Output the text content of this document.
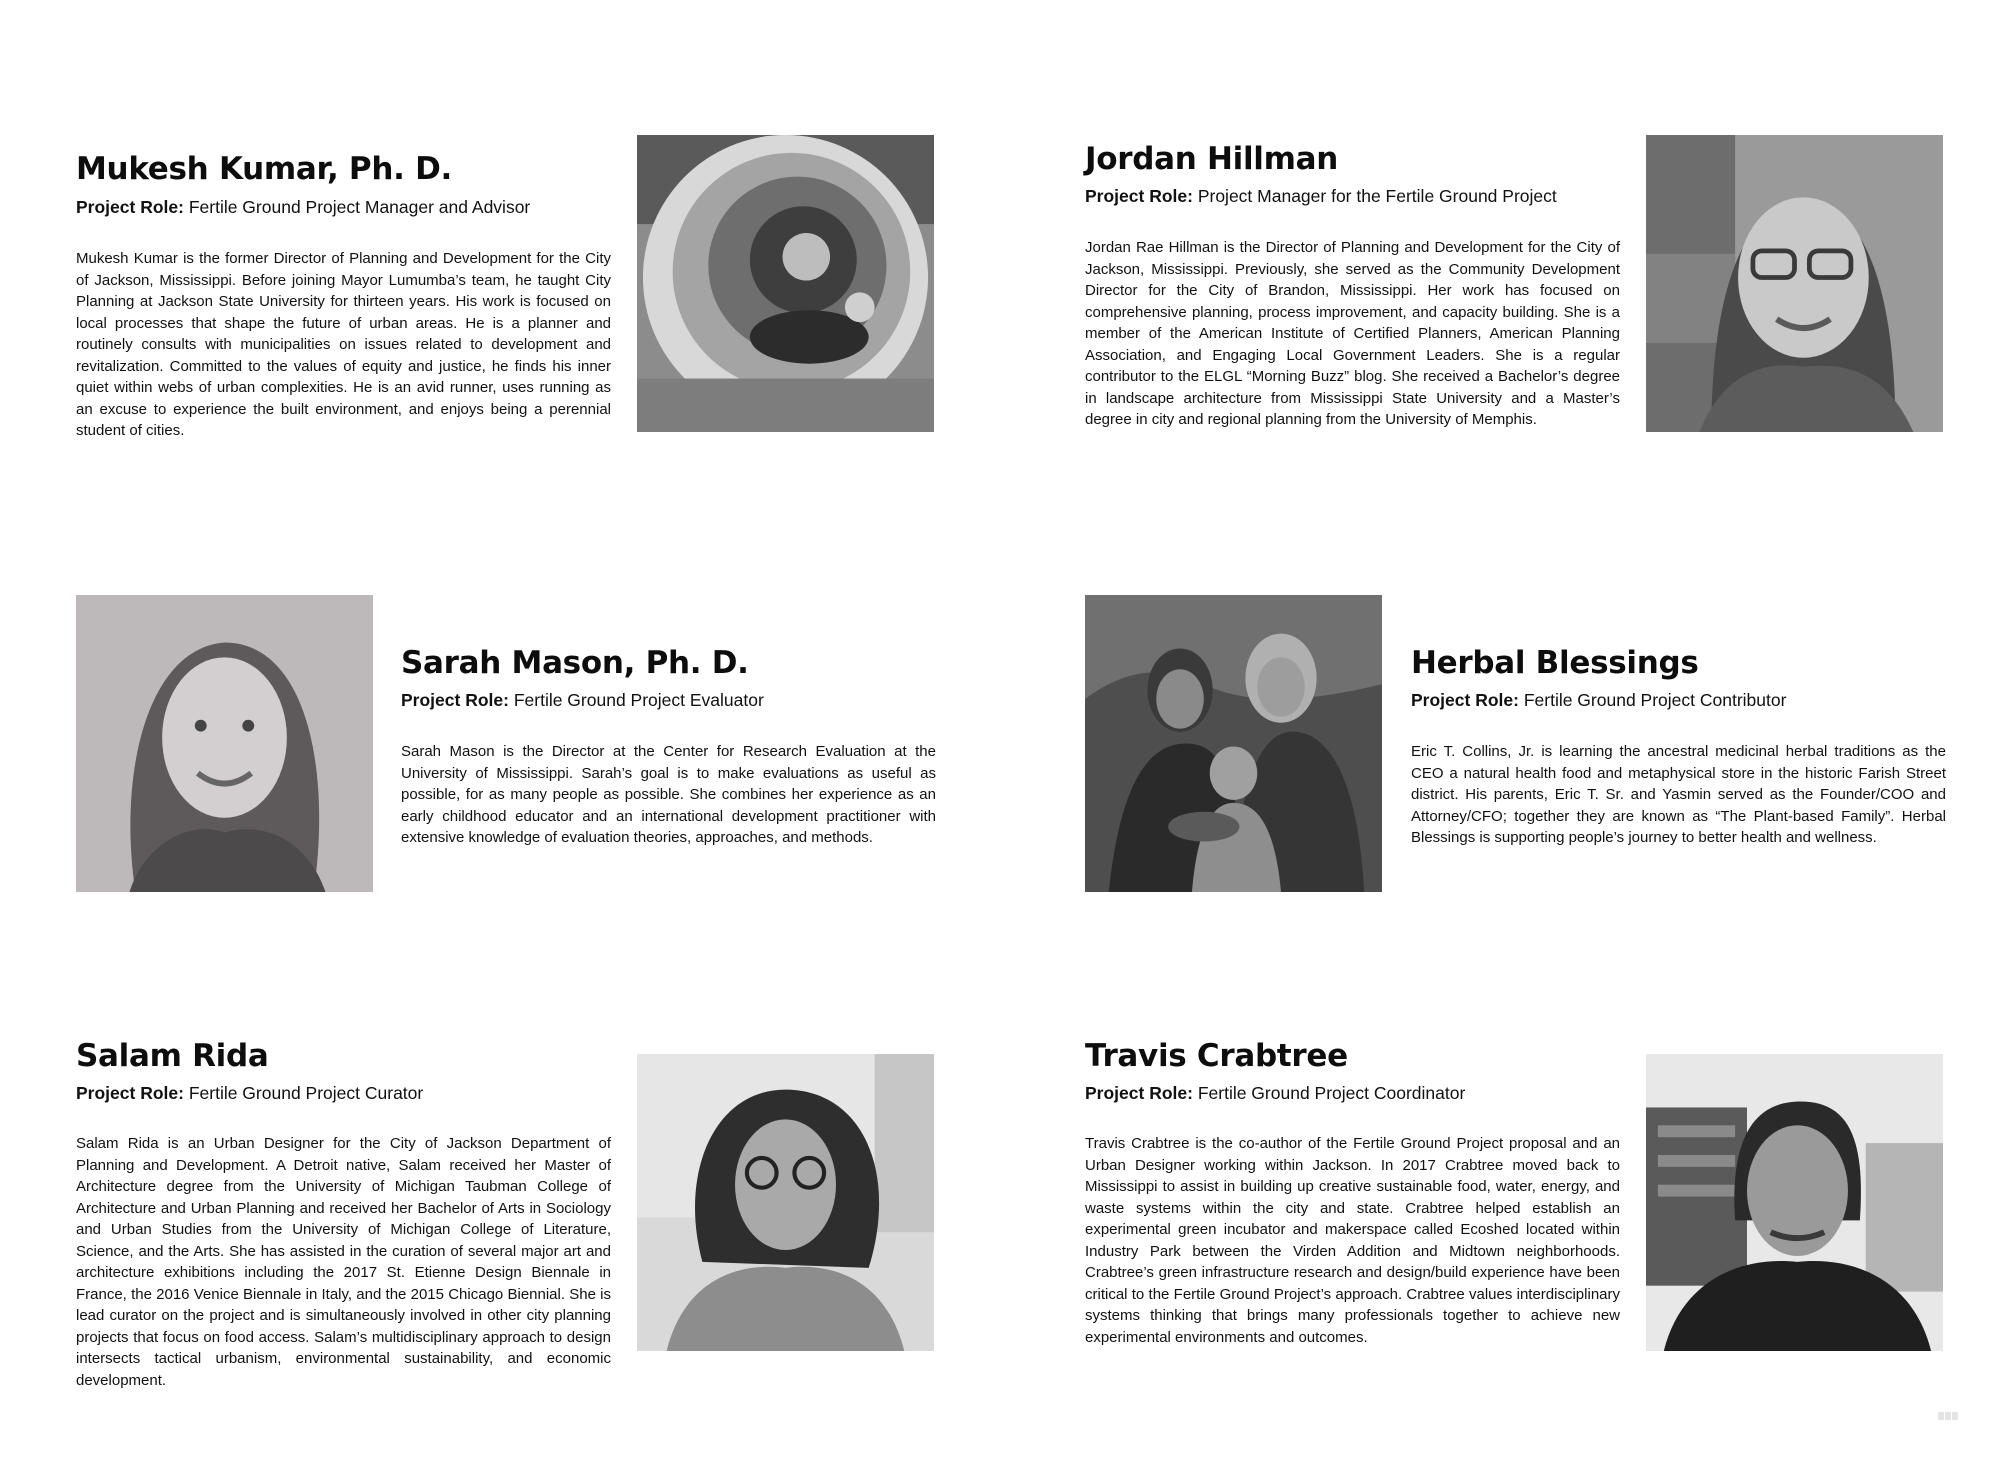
Mukesh Kumar, Ph. D.

Project Role: Fertile Ground Project Manager and Advisor

Mukesh Kumar is the former Director of Planning and Development for the City of Jackson, Mississippi. Before joining Mayor Lumumba’s team, he taught City Planning at Jackson State University for thirteen years. His work is focused on local processes that shape the future of urban areas. He is a planner and routinely consults with municipalities on issues related to development and revitalization. Committed to the values of equity and justice, he finds his inner quiet within webs of urban complexities. He is an avid runner, uses running as an excuse to experience the built environment, and enjoys being a perennial student of cities.

Jordan Hillman

Project Role: Project Manager for the Fertile Ground Project

Jordan Rae Hillman is the Director of Planning and Development for the City of Jackson, Mississippi. Previously, she served as the Community Development Director for the City of Brandon, Mississippi. Her work has focused on comprehensive planning, process improvement, and capacity building. She is a member of the American Institute of Certified Planners, American Planning Association, and Engaging Local Government Leaders. She is a regular contributor to the ELGL “Morning Buzz” blog. She received a Bachelor’s degree in landscape architecture from Mississippi State University and a Master’s degree in city and regional planning from the University of Memphis.

Sarah Mason, Ph. D.

Project Role: Fertile Ground Project Evaluator

Sarah Mason is the Director at the Center for Research Evaluation at the University of Mississippi. Sarah’s goal is to make evaluations as useful as possible, for as many people as possible. She combines her experience as an early childhood educator and an international development practitioner with extensive knowledge of evaluation theories, approaches, and methods.

Herbal Blessings

Project Role: Fertile Ground Project Contributor

Eric T. Collins, Jr. is learning the ancestral medicinal herbal traditions as the CEO a natural health food and metaphysical store in the historic Farish Street district. His parents, Eric T. Sr. and Yasmin served as the Founder/COO and Attorney/CFO; together they are known as “The Plant-based Family”. Herbal Blessings is supporting people’s journey to better health and wellness.

Salam Rida

Project Role: Fertile Ground Project Curator

Salam Rida is an Urban Designer for the City of Jackson Department of Planning and Development. A Detroit native, Salam received her Master of Architecture degree from the University of Michigan Taubman College of Architecture and Urban Planning and received her Bachelor of Arts in Sociology and Urban Studies from the University of Michigan College of Literature, Science, and the Arts. She has assisted in the curation of several major art and architecture exhibitions including the 2017 St. Etienne Design Biennale in France, the 2016 Venice Biennale in Italy, and the 2015 Chicago Biennial. She is lead curator on the project and is simultaneously involved in other city planning projects that focus on food access. Salam’s multidisciplinary approach to design intersects tactical urbanism, environmental sustainability, and economic development.

Travis Crabtree

Project Role: Fertile Ground Project Coordinator

Travis Crabtree is the co-author of the Fertile Ground Project proposal and an Urban Designer working within Jackson. In 2017 Crabtree moved back to Mississippi to assist in building up creative sustainable food, water, energy, and waste systems within the city and state. Crabtree helped establish an experimental green incubator and makerspace called Ecoshed located within Industry Park between the Virden Addition and Midtown neighborhoods. Crabtree’s green infrastructure research and design/build experience have been critical to the Fertile Ground Project’s approach. Crabtree values interdisciplinary systems thinking that brings many professionals together to achieve new experimental environments and outcomes.
